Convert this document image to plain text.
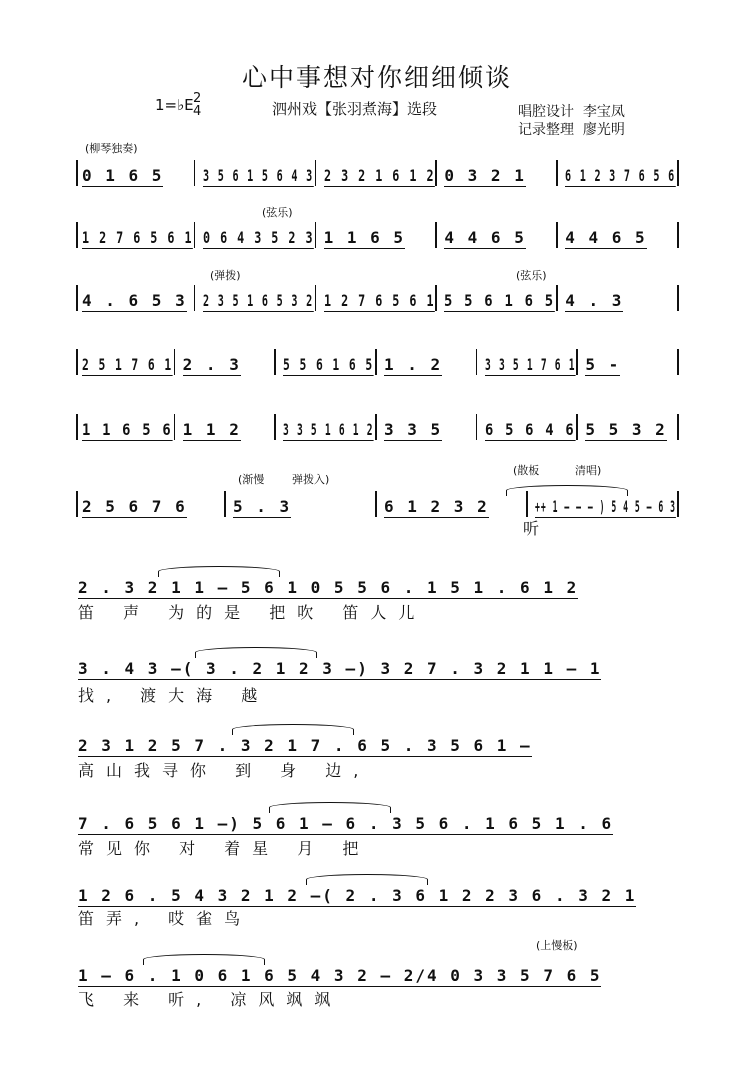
心中事想对你细细倾谈
1=♭E 2
4	泗州戏【张羽煮海】选段	唱腔设计 李宝凤
记录整理 廖光明
(柳琴独奏)
(弦乐)
(弹拨)	(弦乐)
(渐慢	弹拨入)
(散板	清唱)
(上慢板)
0 1 6 5 3 5 6 1 5 6 4 3 2 3 2 1 6 1 2 0 3 2 1 6 1 2 3 7 6 5 6
1 2 7 6 5 6 1 0 6 4 3 5 2 3 1 1 6 5 4 4 6 5 4 4 6 5
4 . 6 5 3 2 3 5 1 6 5 3 2 1 2 7 6 5 6 1 5 5 6 1 6 5 4 . 3
2 5 1 7 6 1 2 . 3	5 5 6 1 6 5 1 . 2	3 3 5 1 7 6 1 5 -
1 1 6 5 6 1 1 2	3 3 5 1 6 1 2 3 3 5	6 5 6 4 6 5 5 3 2
2 5 6 7 6	5 . 3	6 1 2 3 2	++ 1 — — — ) 5 4 5 — 6 3
听
2 . 3 2 1 1 — 5 6 1 0 5 5 6 . 1 5 1 . 6 1 2
笛 声 为的是 把吹 笛人儿
3 . 4 3 —( 3 . 2 1 2 3 —) 3 2 7 . 3 2 1 1 — 1
找, 渡大海 越
2 3 1 2 5 7 . 3 2 1 7 . 6 5 . 3 5 6 1 —
高山我寻你 到 身 边,
7 . 6 5 6 1 —) 5 6 1 — 6 . 3 5 6 . 1 6 5 1 . 6
常见你 对 着星 月 把
1 2 6 . 5 4 3 2 1 2 —( 2 . 3 6 1 2 2 3 6 . 3 2 1
笛弄, 哎雀鸟
1 — 6 . 1 0 6 1 6 5 4 3 2 — 2/4 0 3 3 5 7 6 5
飞 来 听, 凉风飒飒
